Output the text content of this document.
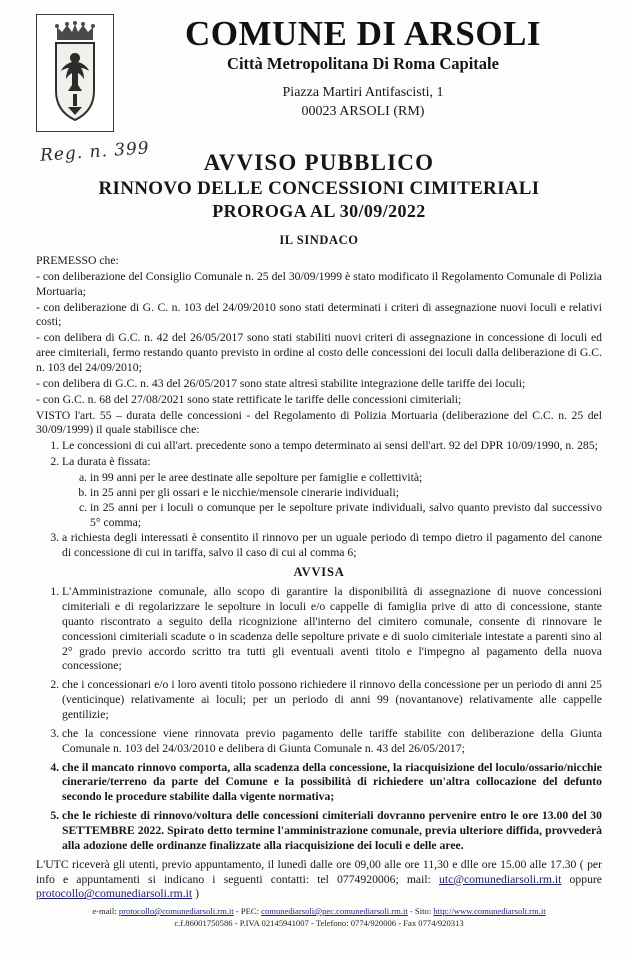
COMUNE DI ARSOLI
Città Metropolitana Di Roma Capitale
Piazza Martiri Antifascisti, 1
00023 ARSOLI (RM)
AVVISO PUBBLICO
RINNOVO DELLE CONCESSIONI CIMITERIALI
PROROGA AL 30/09/2022
IL SINDACO

PREMESSO che:

- con deliberazione del Consiglio Comunale n. 25 del 30/09/1999 è stato modificato il Regolamento Comunale di Polizia Mortuaria;

- con deliberazione di G. C. n. 103 del 24/09/2010 sono stati determinati i criteri di assegnazione nuovi loculi e relativi costi;

- con delibera di G.C. n. 42 del 26/05/2017 sono stati stabiliti nuovi criteri di assegnazione in concessione di loculi ed aree cimiteriali, fermo restando quanto previsto in ordine al costo delle concessioni dei loculi dalla deliberazione di G.C. n. 103 del 24/09/2010;

- con delibera di G.C. n. 43 del 26/05/2017 sono state altresì stabilite integrazione delle tariffe dei loculi;

- con G.C. n. 68 del 27/08/2021 sono state rettificate le tariffe delle concessioni cimiteriali;

VISTO l'art. 55 – durata delle concessioni - del Regolamento di Polizia Mortuaria (deliberazione del C.C. n. 25 del 30/09/1999) il quale stabilisce che:

1. Le concessioni di cui all'art. precedente sono a tempo determinato ai sensi dell'art. 92 del DPR 10/09/1990, n. 285;
2. La durata è fissata:
a. in 99 anni per le aree destinate alle sepolture per famiglie e collettività;
b. in 25 anni per gli ossari e le nicchie/mensole cinerarie individuali;
c. in 25 anni per i loculi o comunque per le sepolture private individuali, salvo quanto previsto dal successivo 5° comma;
3. a richiesta degli interessati è consentito il rinnovo per un uguale periodo di tempo dietro il pagamento del canone di concessione di cui in tariffa, salvo il caso di cui al comma 6;
AVVISA
1. L'Amministrazione comunale, allo scopo di garantire la disponibilità di assegnazione di nuove concessioni cimiteriali e di regolarizzare le sepolture in loculi e/o cappelle di famiglia prive di atto di concessione, stante quanto riscontrato a seguito della ricognizione all'interno del cimitero comunale, consente di rinnovare le concessioni cimiteriali scadute o in scadenza delle sepolture private e di suolo cimiteriale intestate a parenti sino al 2° grado previo accordo scritto tra tutti gli eventuali aventi titolo e l'impegno al pagamento della nuova concessione;
2. che i concessionari e/o i loro aventi titolo possono richiedere il rinnovo della concessione per un periodo di anni 25 (venticinque) relativamente ai loculi; per un periodo di anni 99 (novantanove) relativamente alle cappelle gentilizie;
3. che la concessione viene rinnovata previo pagamento delle tariffe stabilite con deliberazione della Giunta Comunale n. 103 del 24/03/2010 e delibera di Giunta Comunale n. 43 del 26/05/2017;
4. che il mancato rinnovo comporta, alla scadenza della concessione, la riacquisizione del loculo/ossario/nicchie cinerarie/terreno da parte del Comune e la possibilità di richiedere un'altra collocazione del defunto secondo le procedure stabilite dalla vigente normativa;
5. che le richieste di rinnovo/voltura delle concessioni cimiteriali dovranno pervenire entro le ore 13.00 del 30 SETTEMBRE 2022. Spirato detto termine l'amministrazione comunale, previa ulteriore diffida, provvederà alla adozione delle ordinanze finalizzate alla riacquisizione dei loculi e delle aree.

L'UTC riceverà gli utenti, previo appuntamento, il lunedì dalle ore 09,00 alle ore 11,30 e dlle ore 15.00 alle 17.30 ( per info e appuntamenti si indicano i seguenti contatti: tel 0774920006; mail: utc@comunediarsoli.rm.it oppure protocollo@comunediarsoli.rm.it )

Reg. n. 399
e-mail: protocollo@comunediarsoli.rm.it - PEC: comunediarsoli@pec.comunediarsoli.rm.it - Sito: http://www.comunediarsoli.rm.it
c.f.86001750586 - P.IVA 02145941007 - Telefono: 0774/920006 - Fax 0774/920313
